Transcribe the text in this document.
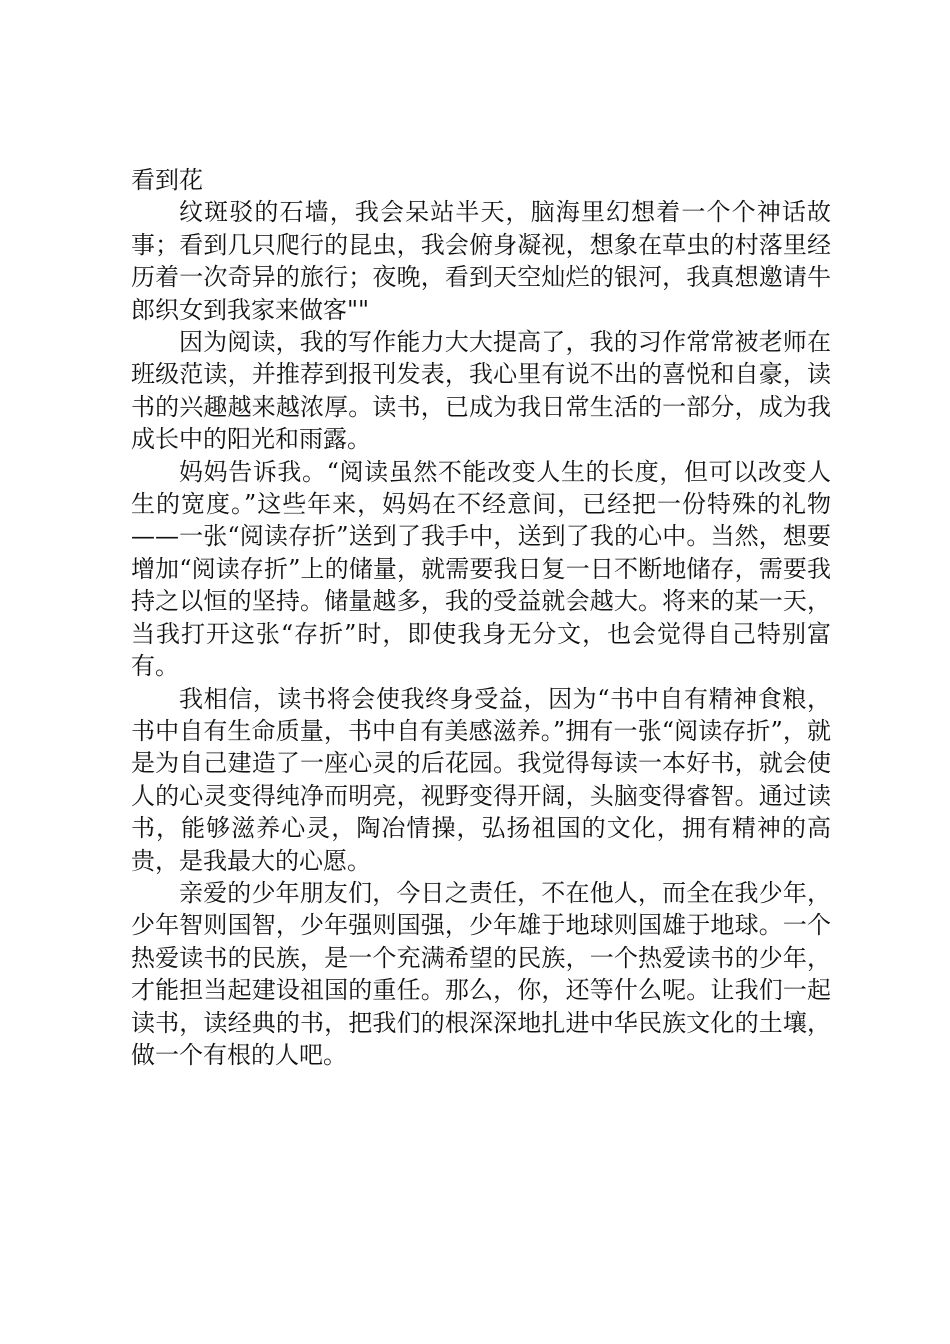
看到花

纹斑驳的石墙，我会呆站半天，脑海里幻想着一个个神话故事；看到几只爬行的昆虫，我会俯身凝视，想象在草虫的村落里经历着一次奇异的旅行；夜晚，看到天空灿烂的银河，我真想邀请牛郎织女到我家来做客""

因为阅读，我的写作能力大大提高了，我的习作常常被老师在班级范读，并推荐到报刊发表，我心里有说不出的喜悦和自豪，读书的兴趣越来越浓厚。读书，已成为我日常生活的一部分，成为我成长中的阳光和雨露。

妈妈告诉我。“阅读虽然不能改变人生的长度，但可以改变人生的宽度。”这些年来，妈妈在不经意间，已经把一份特殊的礼物——一张“阅读存折”送到了我手中，送到了我的心中。当然，想要增加“阅读存折”上的储量，就需要我日复一日不断地储存，需要我持之以恒的坚持。储量越多，我的受益就会越大。将来的某一天，当我打开这张“存折”时，即使我身无分文，也会觉得自己特别富有。

我相信，读书将会使我终身受益，因为“书中自有精神食粮，书中自有生命质量，书中自有美感滋养。”拥有一张“阅读存折”，就是为自己建造了一座心灵的后花园。我觉得每读一本好书，就会使人的心灵变得纯净而明亮，视野变得开阔，头脑变得睿智。通过读书，能够滋养心灵，陶冶情操，弘扬祖国的文化，拥有精神的高贵，是我最大的心愿。

亲爱的少年朋友们，今日之责任，不在他人，而全在我少年，少年智则国智，少年强则国强，少年雄于地球则国雄于地球。一个热爱读书的民族，是一个充满希望的民族，一个热爱读书的少年，才能担当起建设祖国的重任。那么，你，还等什么呢。让我们一起读书，读经典的书，把我们的根深深地扎进中华民族文化的土壤，做一个有根的人吧。
